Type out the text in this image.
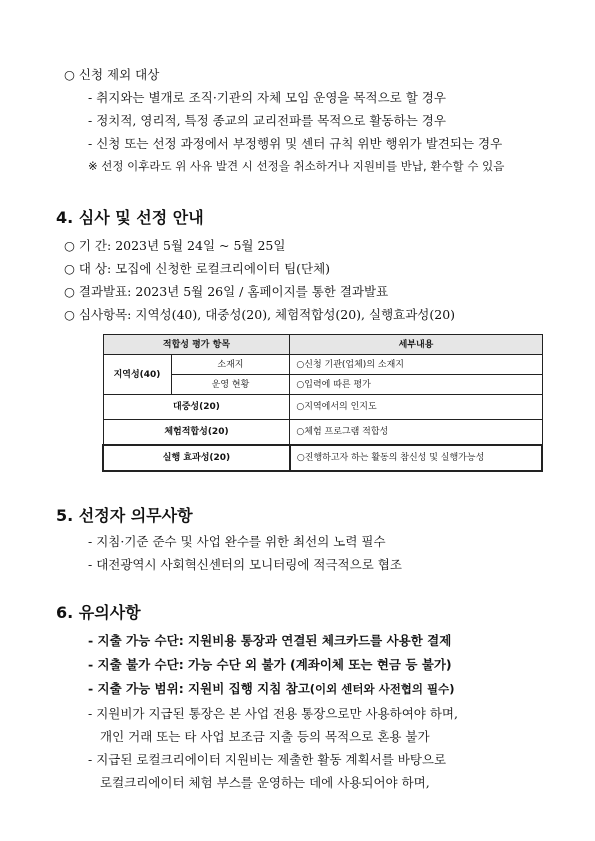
○ 신청 제외 대상
- 취지와는 별개로 조직·기관의 자체 모임 운영을 목적으로 할 경우
- 정치적, 영리적, 특정 종교의 교리전파를 목적으로 활동하는 경우
- 신청 또는 선정 과정에서 부정행위 및 센터 규칙 위반 행위가 발견되는 경우
※ 선정 이후라도 위 사유 발견 시 선정을 취소하거나 지원비를 반납, 환수할 수 있음
4. 심사 및 선정 안내
○ 기 간: 2023년 5월 24일 ~ 5월 25일
○ 대 상: 모집에 신청한 로컬크리에이터 팀(단체)
○ 결과발표: 2023년 5월 26일 / 홈페이지를 통한 결과발표
○ 심사항목: 지역성(40), 대중성(20), 체험적합성(20), 실행효과성(20)
적합성 평가 항목		세부내용
지역성(40)	소재지	○신청 기관(업체)의 소재지
	운영 현황	○입력에 따른 평가
대중성(20)		○지역에서의 인지도
체험적합성(20)		○체험 프로그램 적합성
실행 효과성(20)		○진행하고자 하는 활동의 참신성 및 실행가능성
5. 선정자 의무사항
- 지침·기준 준수 및 사업 완수를 위한 최선의 노력 필수
- 대전광역시 사회혁신센터의 모니터링에 적극적으로 협조
6. 유의사항
- 지출 가능 수단: 지원비용 통장과 연결된 체크카드를 사용한 결제
- 지출 불가 수단: 가능 수단 외 불가 (계좌이체 또는 현금 등 불가)
- 지출 가능 범위: 지원비 집행 지침 참고(이외 센터와 사전협의 필수)
- 지원비가 지급된 통장은 본 사업 전용 통장으로만 사용하여야 하며,
개인 거래 또는 타 사업 보조금 지출 등의 목적으로 혼용 불가
- 지급된 로컬크리에이터 지원비는 제출한 활동 계획서를 바탕으로
로컬크리에이터 체험 부스를 운영하는 데에 사용되어야 하며,
